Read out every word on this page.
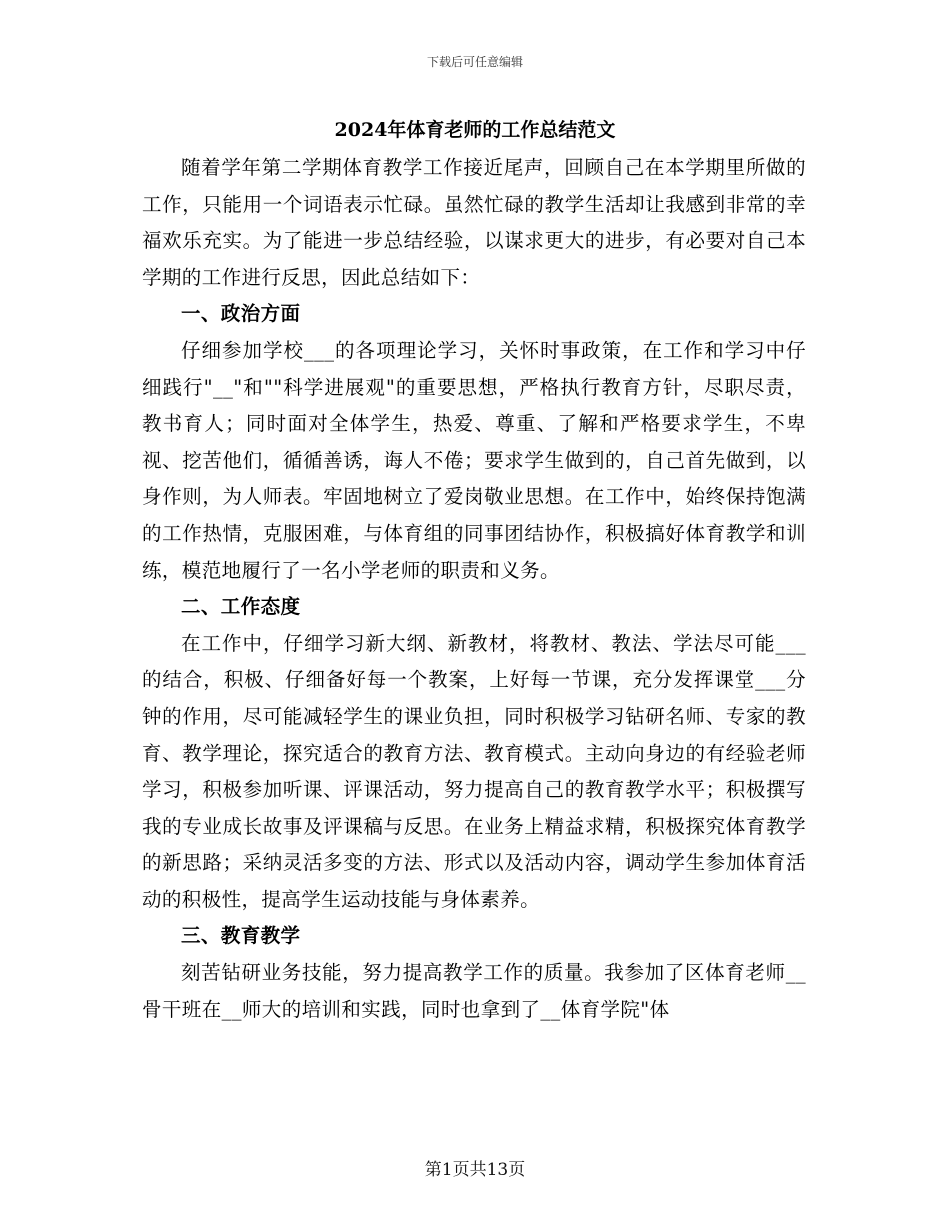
下载后可任意编辑
2024年体育老师的工作总结范文

随着学年第二学期体育教学工作接近尾声，回顾自己在本学期里所做的工作，只能用一个词语表示忙碌。虽然忙碌的教学生活却让我感到非常的幸福欢乐充实。为了能进一步总结经验，以谋求更大的进步，有必要对自己本学期的工作进行反思，因此总结如下：

一、政治方面

仔细参加学校___的各项理论学习，关怀时事政策，在工作和学习中仔细践行"__"和""科学进展观"的重要思想，严格执行教育方针，尽职尽责，教书育人；同时面对全体学生，热爱、尊重、了解和严格要求学生，不卑视、挖苦他们，循循善诱，诲人不倦；要求学生做到的，自己首先做到，以身作则，为人师表。牢固地树立了爱岗敬业思想。在工作中，始终保持饱满的工作热情，克服困难，与体育组的同事团结协作，积极搞好体育教学和训练，模范地履行了一名小学老师的职责和义务。

二、工作态度

在工作中，仔细学习新大纲、新教材，将教材、教法、学法尽可能___的结合，积极、仔细备好每一个教案，上好每一节课，充分发挥课堂___分钟的作用，尽可能减轻学生的课业负担，同时积极学习钻研名师、专家的教育、教学理论，探究适合的教育方法、教育模式。主动向身边的有经验老师学习，积极参加听课、评课活动，努力提高自己的教育教学水平；积极撰写我的专业成长故事及评课稿与反思。在业务上精益求精，积极探究体育教学的新思路；采纳灵活多变的方法、形式以及活动内容，调动学生参加体育活动的积极性，提高学生运动技能与身体素养。

三、教育教学

刻苦钻研业务技能，努力提高教学工作的质量。我参加了区体育老师__骨干班在__师大的培训和实践，同时也拿到了__体育学院"体

第1页共13页
